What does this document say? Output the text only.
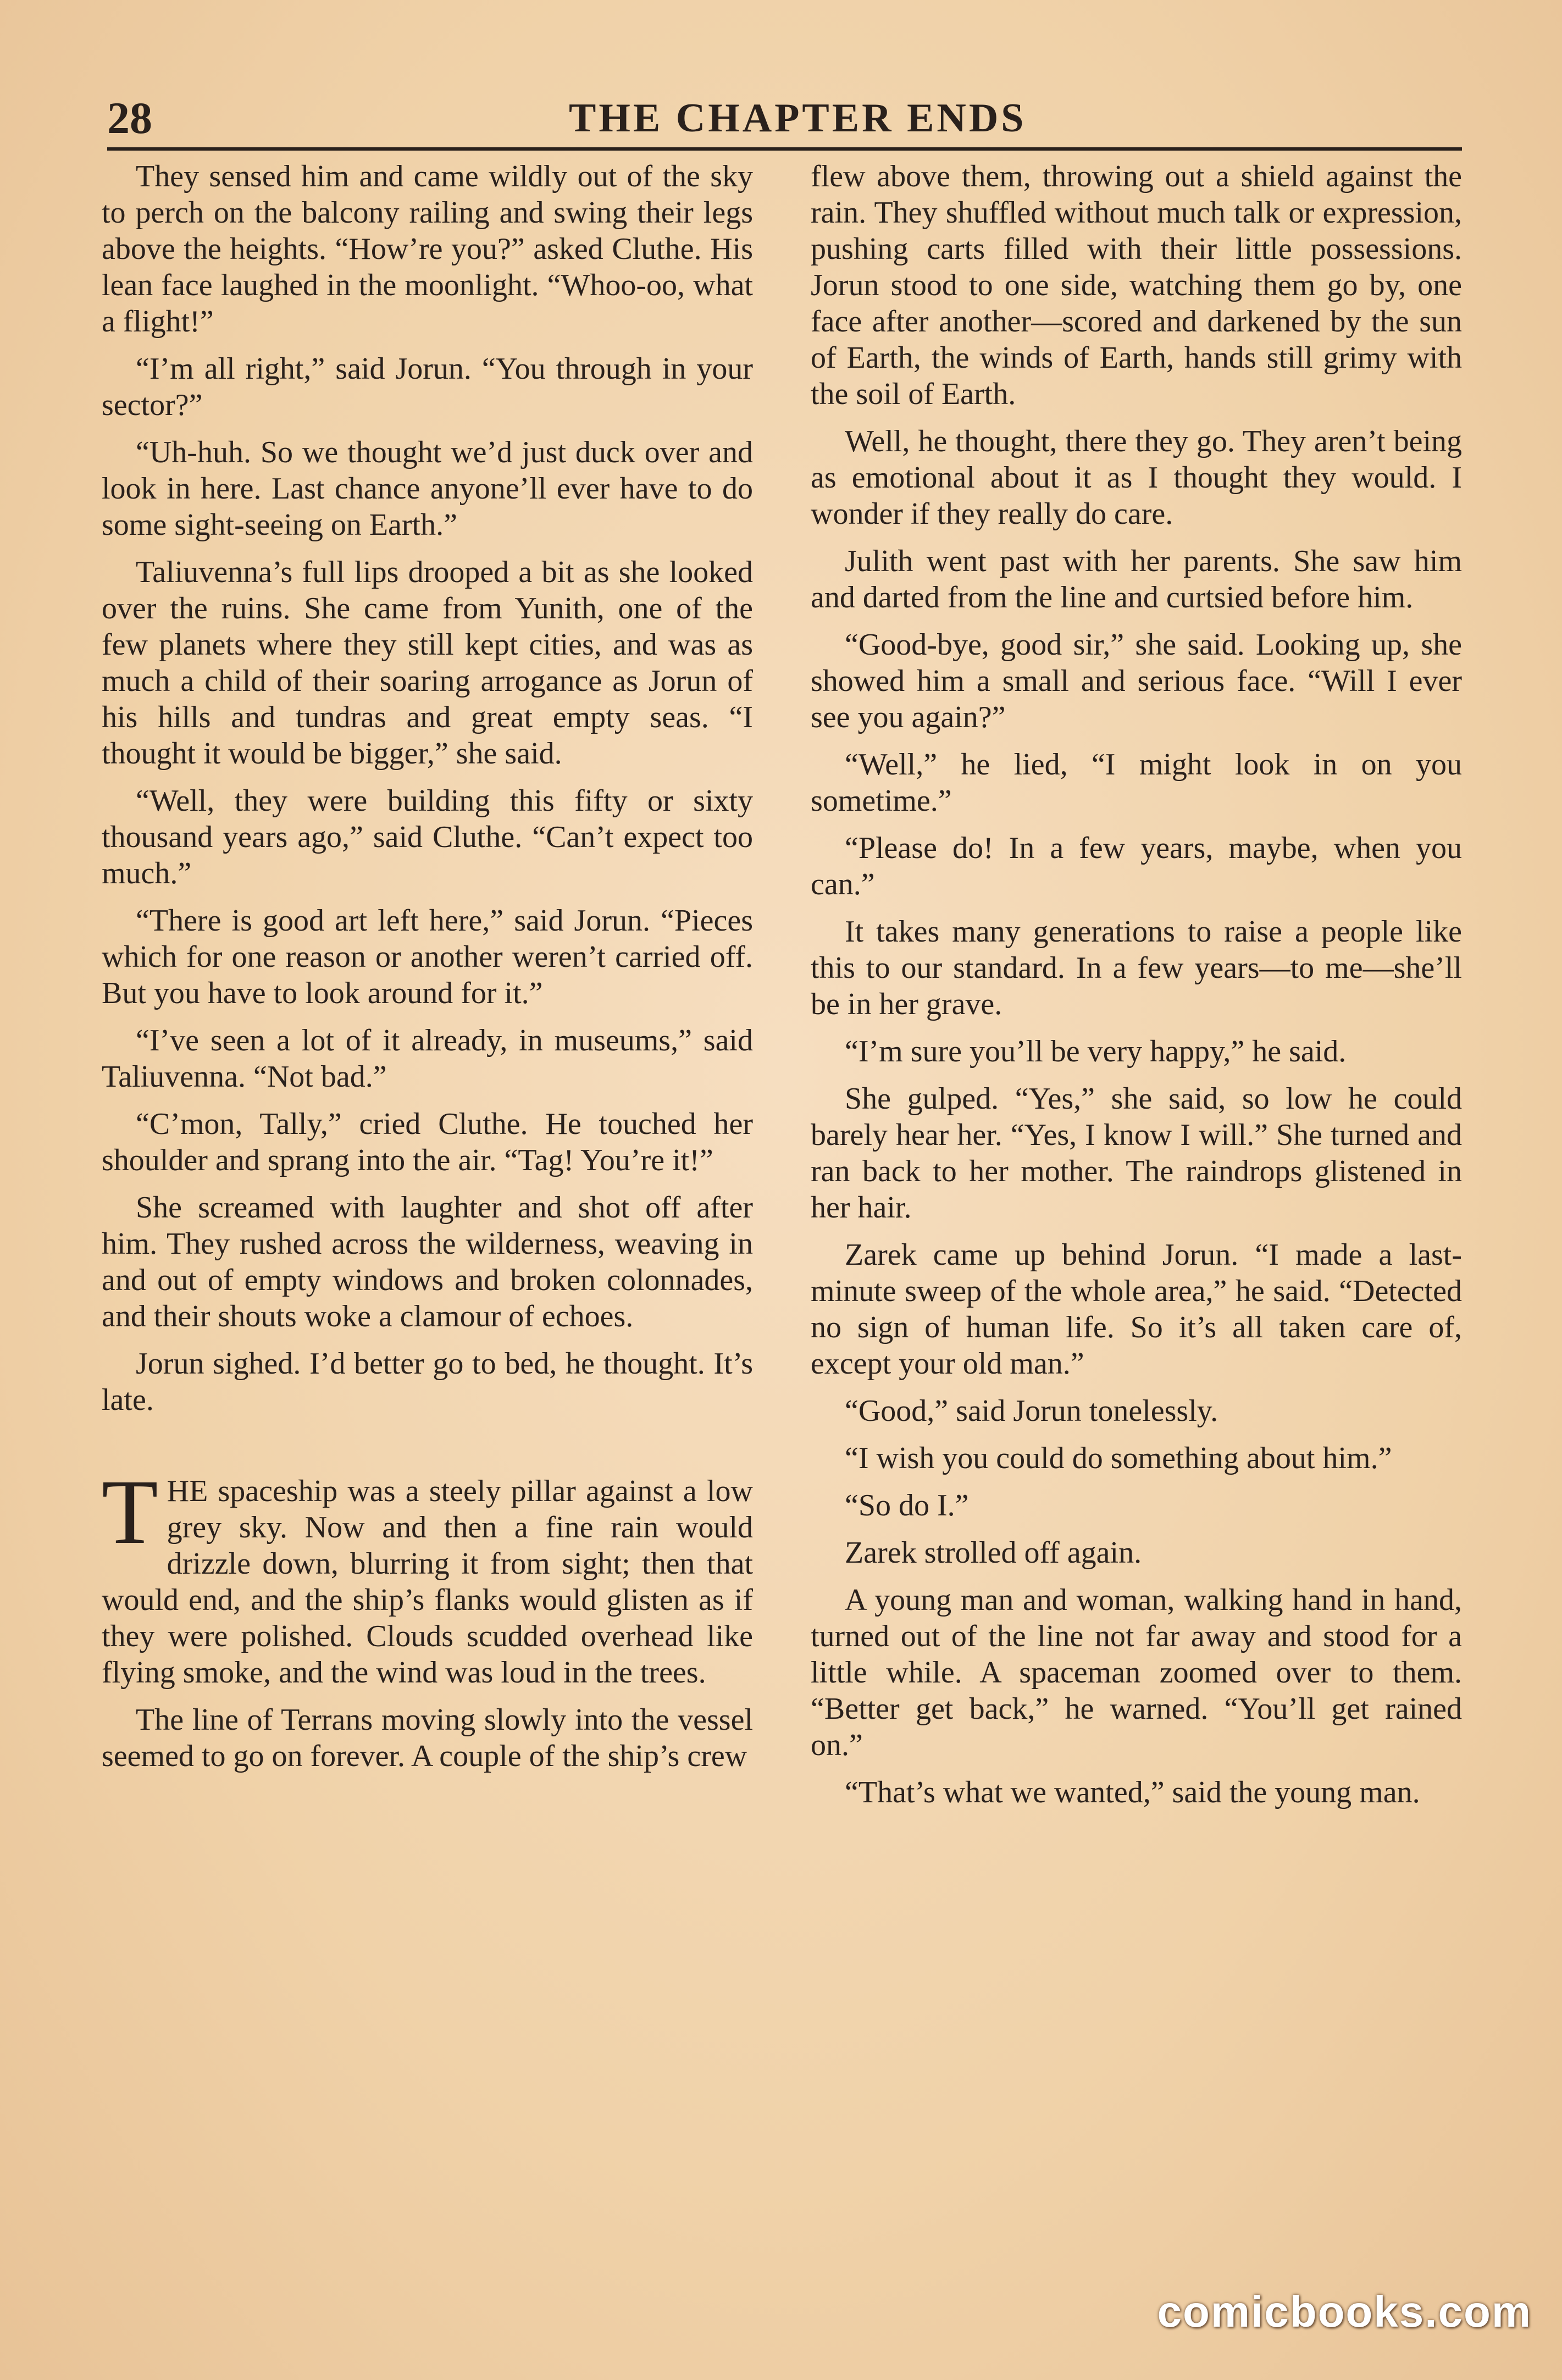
28	THE CHAPTER ENDS

They sensed him and came wildly out of the sky to perch on the balcony railing and swing their legs above the heights. “How’re you?” asked Cluthe. His lean face laughed in the moonlight. “Whoo-oo, what a flight!”

“I’m all right,” said Jorun. “You through in your sector?”

“Uh-huh. So we thought we’d just duck over and look in here. Last chance anyone’ll ever have to do some sight-seeing on Earth.”

Taliuvenna’s full lips drooped a bit as she looked over the ruins. She came from Yunith, one of the few planets where they still kept cities, and was as much a child of their soaring arrogance as Jorun of his hills and tundras and great empty seas. “I thought it would be bigger,” she said.

“Well, they were building this fifty or sixty thousand years ago,” said Cluthe. “Can’t expect too much.”

“There is good art left here,” said Jorun. “Pieces which for one reason or another weren’t carried off. But you have to look around for it.”

“I’ve seen a lot of it already, in museums,” said Taliuvenna. “Not bad.”

“C’mon, Tally,” cried Cluthe. He touched her shoulder and sprang into the air. “Tag! You’re it!”

She screamed with laughter and shot off after him. They rushed across the wilderness, weaving in and out of empty windows and broken colonnades, and their shouts woke a clamour of echoes.

Jorun sighed. I’d better go to bed, he thought. It’s late.

THE spaceship was a steely pillar against a low grey sky. Now and then a fine rain would drizzle down, blurring it from sight; then that would end, and the ship’s flanks would glisten as if they were polished. Clouds scudded overhead like flying smoke, and the wind was loud in the trees.

The line of Terrans moving slowly into the vessel seemed to go on forever. A couple of the ship’s crew

flew above them, throwing out a shield against the rain. They shuffled without much talk or expression, pushing carts filled with their little possessions. Jorun stood to one side, watching them go by, one face after another—scored and darkened by the sun of Earth, the winds of Earth, hands still grimy with the soil of Earth.

Well, he thought, there they go. They aren’t being as emotional about it as I thought they would. I wonder if they really do care.

Julith went past with her parents. She saw him and darted from the line and curtsied before him.

“Good-bye, good sir,” she said. Looking up, she showed him a small and serious face. “Will I ever see you again?”

“Well,” he lied, “I might look in on you sometime.”

“Please do! In a few years, maybe, when you can.”

It takes many generations to raise a people like this to our standard. In a few years—to me—she’ll be in her grave.

“I’m sure you’ll be very happy,” he said.

She gulped. “Yes,” she said, so low he could barely hear her. “Yes, I know I will.” She turned and ran back to her mother. The raindrops glistened in her hair.

Zarek came up behind Jorun. “I made a last-minute sweep of the whole area,” he said. “Detected no sign of human life. So it’s all taken care of, except your old man.”

“Good,” said Jorun tonelessly.

“I wish you could do something about him.”

“So do I.”

Zarek strolled off again.

A young man and woman, walking hand in hand, turned out of the line not far away and stood for a little while. A spaceman zoomed over to them. “Better get back,” he warned. “You’ll get rained on.”

“That’s what we wanted,” said the young man.

comicbooks.com
